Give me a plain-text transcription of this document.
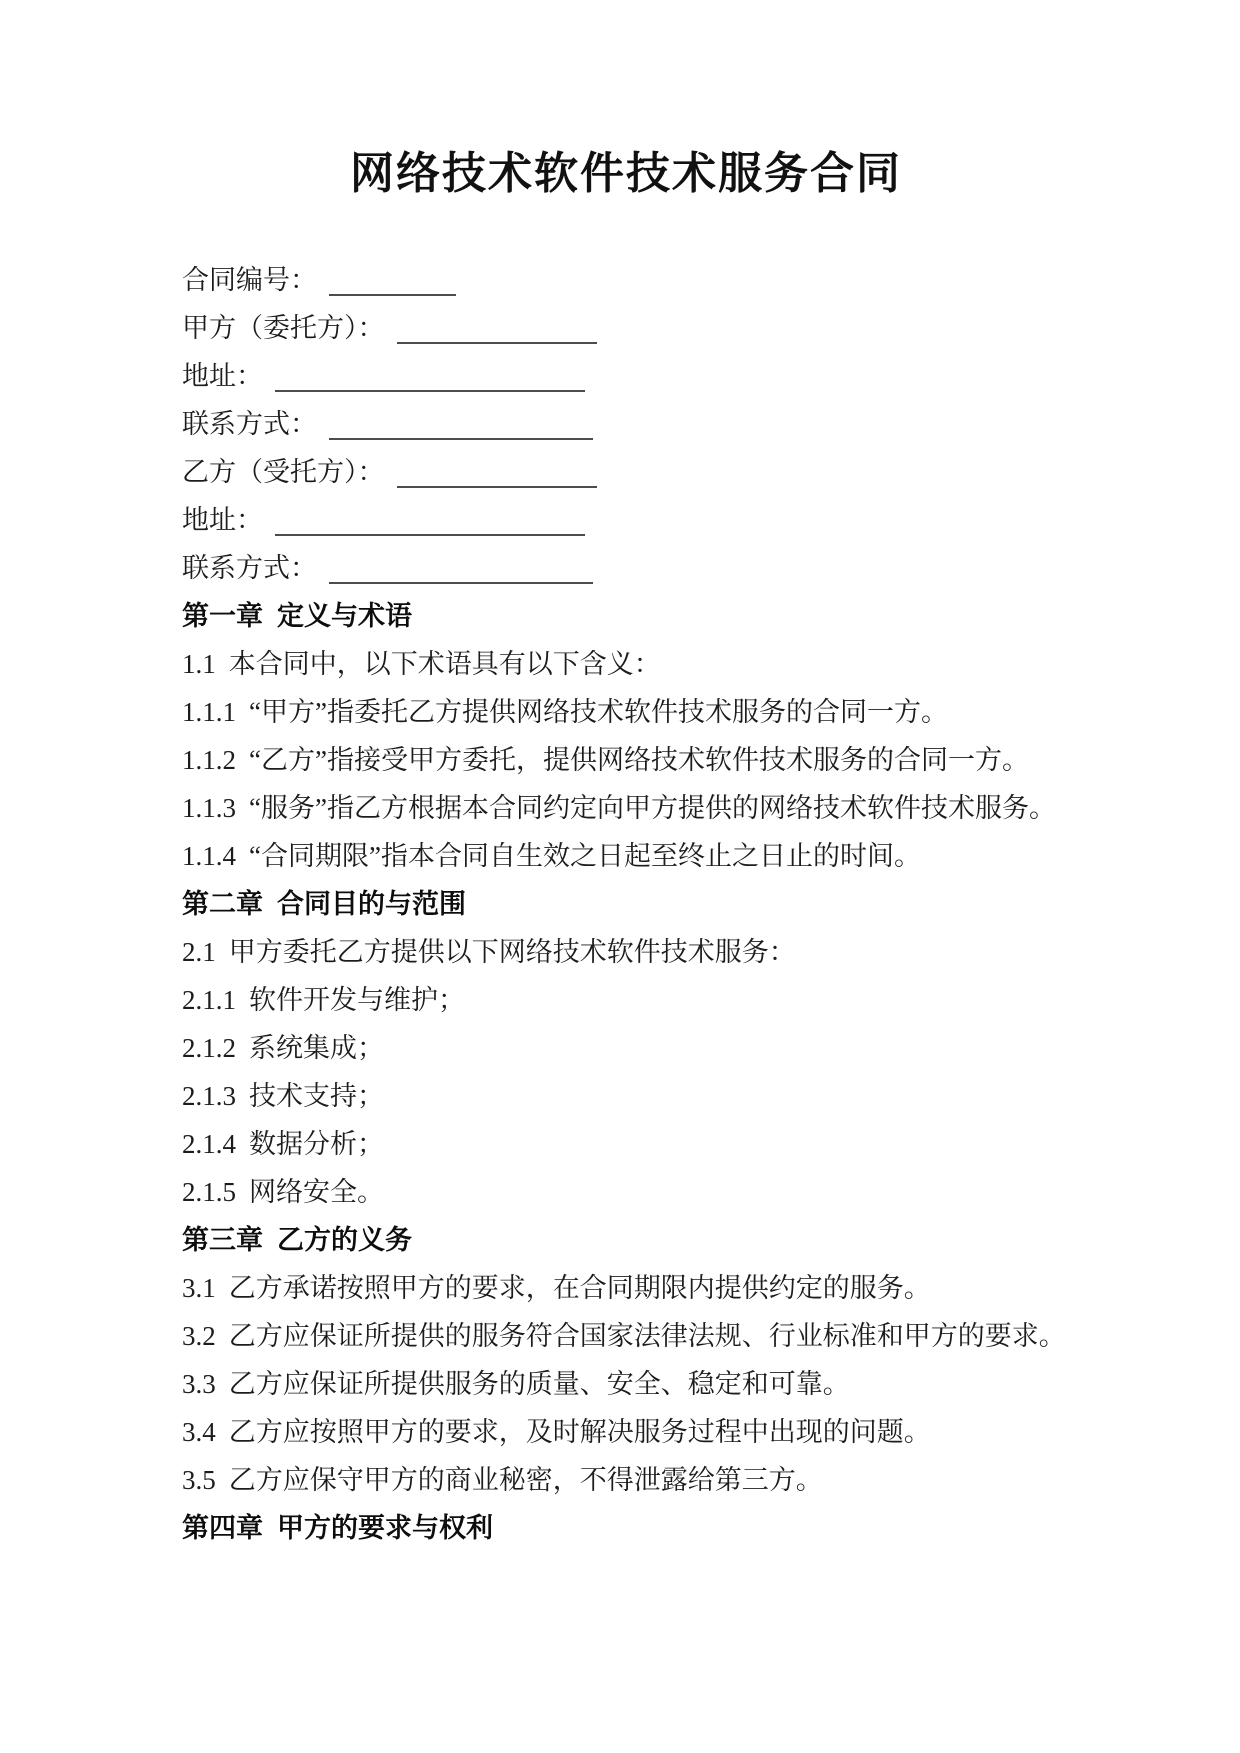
网络技术软件技术服务合同

合同编号：

甲方（委托方）：

地址：

联系方式：

乙方（受托方）：

地址：

联系方式：

第一章 定义与术语

1.1 本合同中，以下术语具有以下含义：

1.1.1 “甲方”指委托乙方提供网络技术软件技术服务的合同一方。

1.1.2 “乙方”指接受甲方委托，提供网络技术软件技术服务的合同一方。

1.1.3 “服务”指乙方根据本合同约定向甲方提供的网络技术软件技术服务。

1.1.4 “合同期限”指本合同自生效之日起至终止之日止的时间。

第二章 合同目的与范围

2.1 甲方委托乙方提供以下网络技术软件技术服务：

2.1.1 软件开发与维护；

2.1.2 系统集成；

2.1.3 技术支持；

2.1.4 数据分析；

2.1.5 网络安全。

第三章 乙方的义务

3.1 乙方承诺按照甲方的要求，在合同期限内提供约定的服务。

3.2 乙方应保证所提供的服务符合国家法律法规、行业标准和甲方的要求。

3.3 乙方应保证所提供服务的质量、安全、稳定和可靠。

3.4 乙方应按照甲方的要求，及时解决服务过程中出现的问题。

3.5 乙方应保守甲方的商业秘密，不得泄露给第三方。

第四章 甲方的要求与权利
